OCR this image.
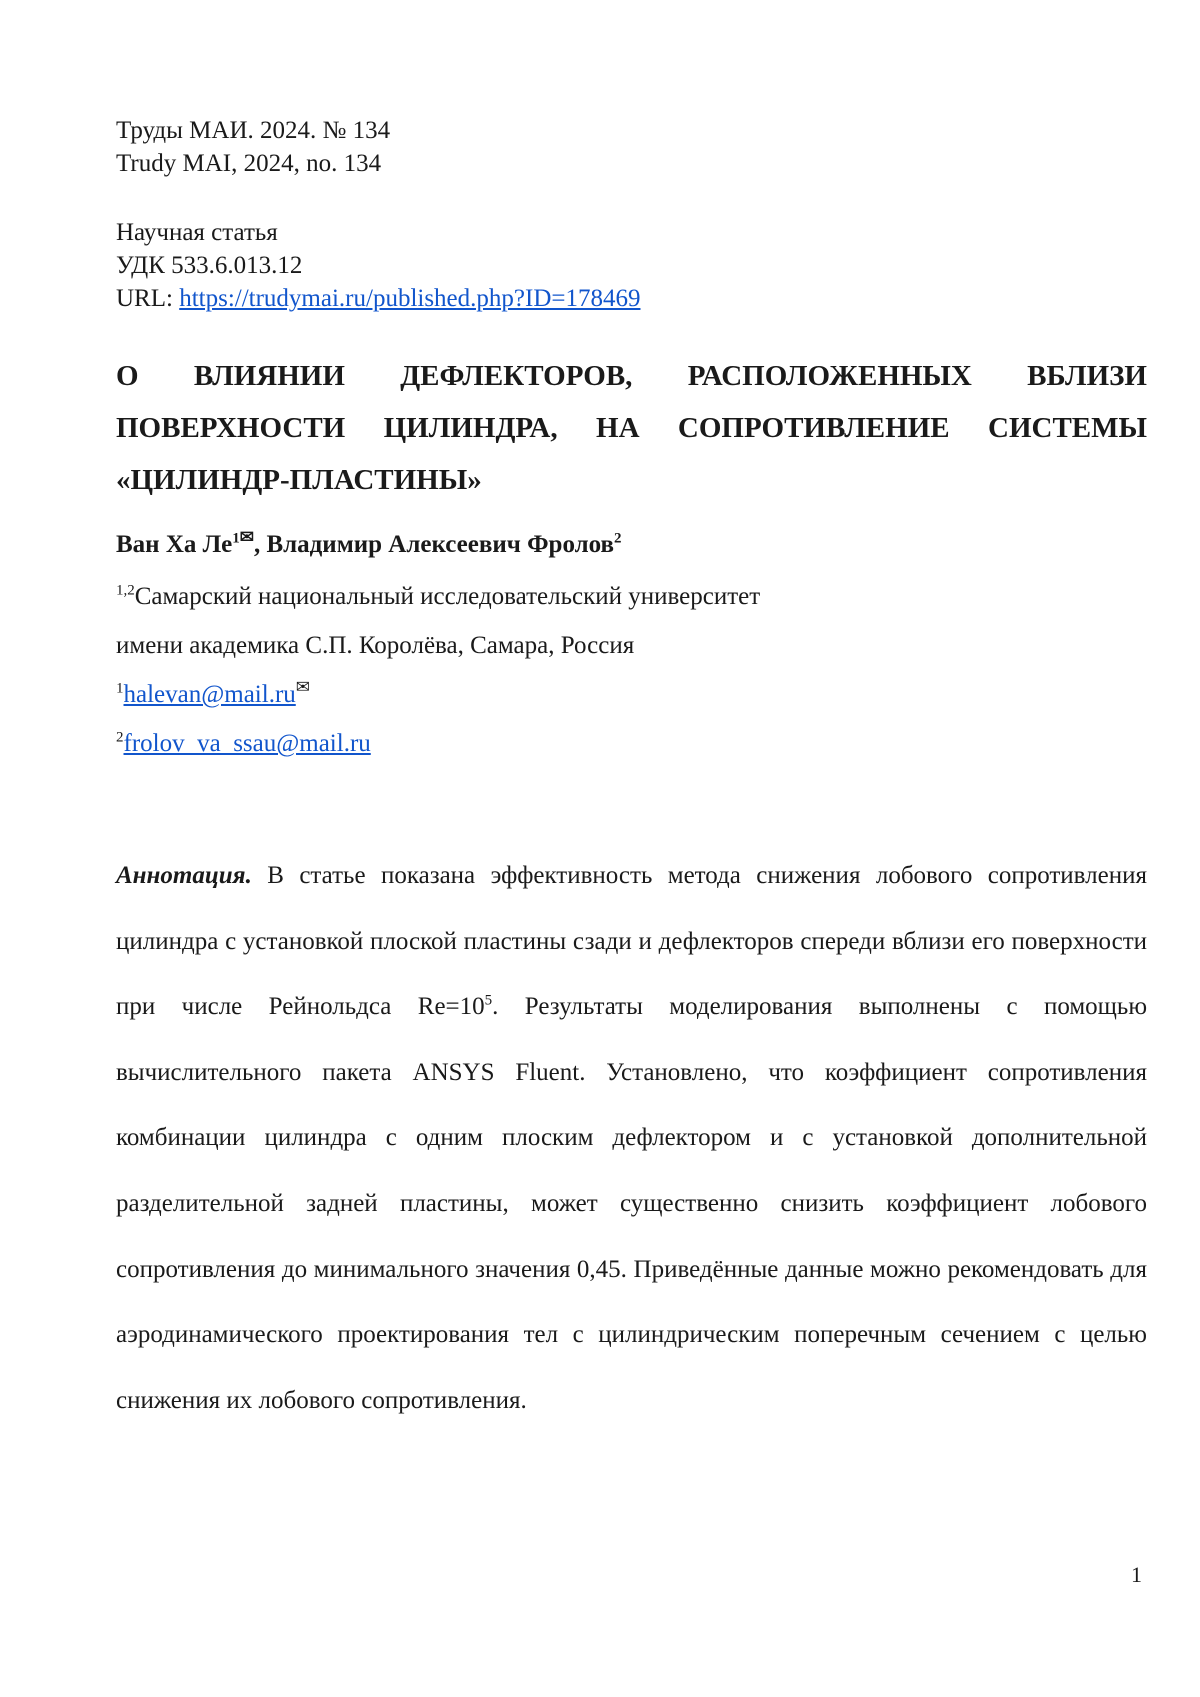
Труды МАИ. 2024. № 134

Trudy MAI, 2024, no. 134

Научная статья

УДК 533.6.013.12

URL: https://trudymai.ru/published.php?ID=178469

О ВЛИЯНИИ ДЕФЛЕКТОРОВ, РАСПОЛОЖЕННЫХ ВБЛИЗИ ПОВЕРХНОСТИ ЦИЛИНДРА, НА СОПРОТИВЛЕНИЕ СИСТЕМЫ «ЦИЛИНДР-ПЛАСТИНЫ»

Ван Ха $Ле^{1✉}$, Владимир Алексеевич Фролов$^2$

$^{1,2}$Самарский национальный исследовательский университет

имени академика С.П. Королёва, Самара, Россия

$^1$halevan@mail.ru✉

$^2$frolov_va_ssau@mail.ru

Аннотация. В статье показана эффективность метода снижения лобового сопротивления цилиндра с установкой плоской пластины сзади и дефлекторов спереди вблизи его поверхности при числе Рейнольдса $Re=10^5$. Результаты моделирования выполнены с помощью вычислительного пакета ANSYS Fluent. Установлено, что коэффициент сопротивления комбинации цилиндра с одним плоским дефлектором и с установкой дополнительной разделительной задней пластины, может существенно снизить коэффициент лобового сопротивления до минимального значения 0,45. Приведённые данные можно рекомендовать для аэродинамического проектирования тел с цилиндрическим поперечным сечением с целью снижения их лобового сопротивления.

1
